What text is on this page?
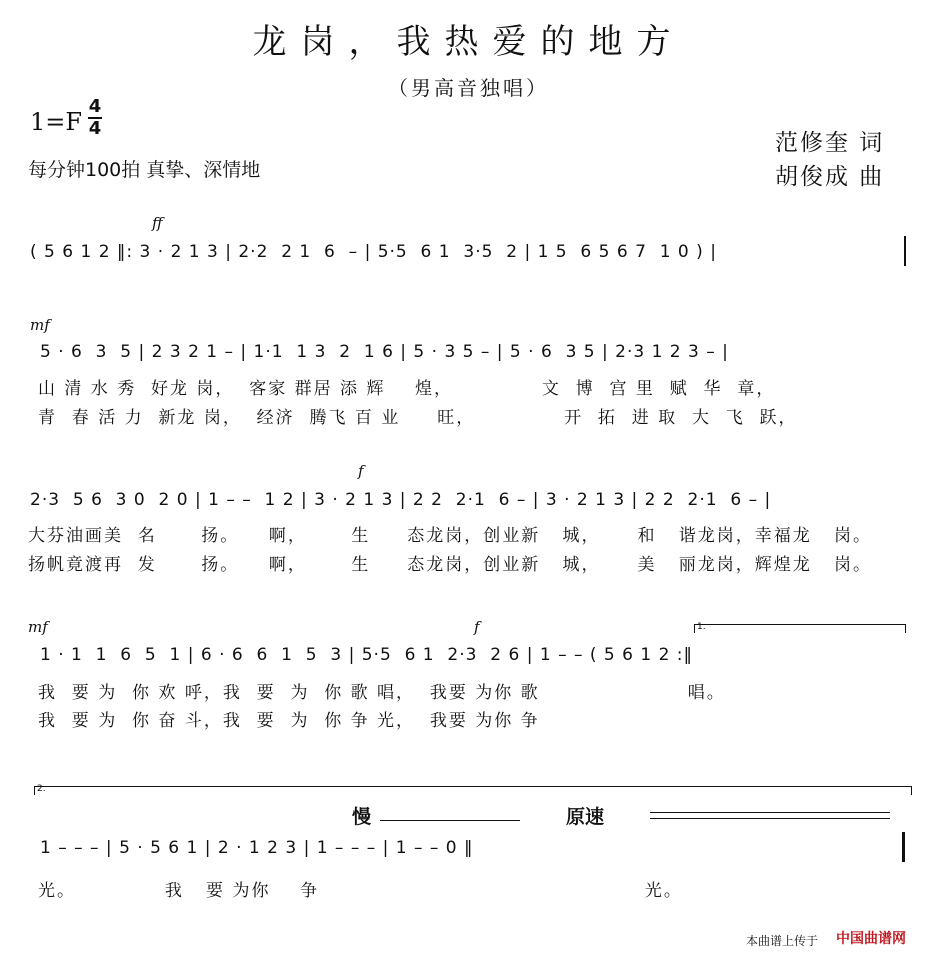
龙岗，我热爱的地方
（男高音独唱）
1=F
4
4
每分钟100拍 真挚、深情地
范修奎 词
胡俊成 曲
ff
( 5 6 1 2 ‖: 3 · 2 1 3 | 2·2  2 1  6  – | 5·5  6 1  3·5  2 | 1 5  6 5 6 7  1 0 ) |
mf
5 · 6  3  5 | 2 3 2 1 – | 1·1  1 3  2  1 6 | 5 · 3 5 – | 5 · 6  3 5 | 2·3 1 2 3 – |
山 清 水 秀  好龙 岗，  客家 群居 添 辉    煌，            文  博  宫 里  赋  华  章，
青  春 活 力  新龙 岗，  经济  腾飞 百 业     旺，            开  拓  进 取  大  飞  跃，
f
2·3  5 6  3 0  2 0 | 1 – –  1 2 | 3 · 2 1 3 | 2 2  2·1  6 – | 3 · 2 1 3 | 2 2  2·1  6 – |
大芬油画美  名      扬。    啊，      生     态龙岗，创业新   城，     和   谐龙岗，幸福龙   岗。
扬帆竟渡再  发      扬。    啊，      生     态龙岗，创业新   城，     美   丽龙岗，辉煌龙   岗。
mf	f	1.
1 · 1  1  6  5  1 | 6 · 6  6  1  5  3 | 5·5  6 1  2·3  2 6 | 1 – – ( 5 6 1 2 :‖
我  要 为  你 欢 呼，我  要  为  你 歌 唱，  我要 为你 歌                    唱。
我  要 为  你 奋 斗，我  要  为  你 争 光，  我要 为你 争
2.
慢	原速
1 – – – | 5 · 5 6 1 | 2 · 1 2 3 | 1 – – – | 1 – – 0 ‖
光。            我   要 为你    争                                            光。
本曲谱上传于 中国曲谱网
